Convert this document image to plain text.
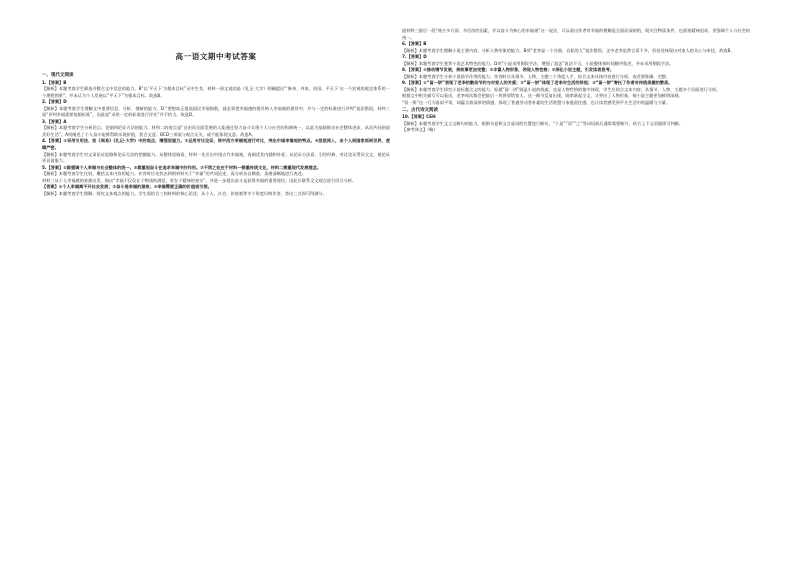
高一语文期中考试答案

一、现代文阅读

1.【答案】B

【解析】本题考查学生筛选并整合文中信息的能力。B“以‘平天下’为根本目标”无中生有，材料一原文说的是《礼记·大学》明确提出“‘修身、齐家、治国、平天下’这一个宏观的观念体系的一个理想图景”，并未认为个人发展以“平天下”为根本目标。故选B。

2.【答案】D

【解析】本题考查学生理解文中重要信息、分析、推断的能力。D.“要想真正提高国民幸福指数，就必须把幸福感的提升纳入幸福观的建设中，并与一定的标准进行评判”说法错误，材料三说“评判幸福需要依据标准”，因此说“采用一定的标准进行评比”并不恰当。故选D。

3.【答案】A

【解析】本题考查学生分析论点、论据和论证方法的能力。材料二的观点是“自由而全面发展的人能通过努力奋斗实现个人与社会的和谐统一，以此为基础推动社会整体进步，从而共同创造美好生活”。A项阐述了个人奋斗能够帮助实现价值，契合文意。BCD三项或与观点无关，或不能体现文意。故选A。

4.【答案】①采用引用法，如《周易》《礼记·大学》中的观点，增强说服力。②运用对比论证，将中西方幸福观进行对比，突出中国幸福观的特点。③层层深入，由个人到国家再到世界，逻辑严密。

【解析】本题考查学生对文章论证思路和论证方法的把握能力。从整体思路看，材料一先引出中国古代幸福观，再阐述其内涵和外延；从论证方法看，引用经典、对比论证贯穿全文，使论证更具说服力。

5.【答案】①都强调个人幸福与社会整体的统一。②都重视奋斗在追求幸福中的作用。③不同之处在于材料一侧重传统文化，材料二侧重现代发展理念。

【解析】本题考查学生比较、概括文本内容的能力。作答时应先找出两则材料关于“幸福”的共同论述，再分析各自侧重，条理清晰地进行表述。

材料三从个人幸福感的来源出发，指出“幸福不仅仅在于物质的满足，更在于精神的充实”，并进一步提出奋斗是获得幸福的重要途径。因此应联系全文观点进行综合分析。

【答案】①个人幸福离不开社会发展；②奋斗是幸福的源泉；③幸福需要正确的价值观引领。

【解析】本题考查学生理解、探究文本观点的能力。学生需结合三则材料的核心论述，从个人、社会、价值观等多个角度归纳作答，答出三点即可得满分。

提材料三最后一段“统合多方面、多层次的因素，并以奋斗为核心的幸福观”这一说法，可以看出作者对幸福的理解是全面而深刻的，既关注物质条件，也重视精神追求，更强调个人与社会的统一。

6.【答案】B

【解析】本题考查学生理解小说主要内容、分析人物形象的能力。B项“老李是一个冷漠、自私的人”说法错误，文中老李虽然言语不多，但处处体现出对家人的关心与牵挂，故选B。

7.【答案】D

【解析】本题考查学生鉴赏小说艺术特色的能力。D项“小说采用倒叙手法，增强了悬念”说法不当，小说整体按时间顺序叙述，并未采用倒叙手法。

8.【答案】①推动情节发展，使故事更加完整；②丰富人物形象，表现人物性格；③深化小说主题，引发读者思考。

【解析】本题考查学生分析小说情节作用的能力。作答时应从情节、人物、主题三个角度入手，结合文本具体内容进行分析，表述要准确、完整。

9.【答案】①“留一饼”表现了老李的勤俭节约与对家人的关爱；②“留一饼”体现了老李对生活的珍视；③“留一饼”寄托了作者对传统美德的赞美。

【解析】本题考查学生探究小说标题含义的能力。标题“留一饼”既是小说的线索，也是人物性格的集中体现，学生应结合文本内容，从情节、人物、主题多个层面进行分析。

根据文中相关描写可以看出，老李每次都会把最后一块饼留给家人，这一细节反复出现，既串联起全文，又突出了人物形象，使小说主题更加鲜明深刻。

“留一饼”这一行为看似平常，却蕴含着深厚的情感，体现了普通劳动者朴素的生活智慧与家庭责任感，也让读者感受到平凡生活中的温暖与力量。

二、古代诗文阅读

10.【答案】CEH

【解析】本题考查学生文言文断句的能力。根据句意和文言虚词的位置进行断句，“于是”“而”“之”等词语前后通常需要断开，结合上下文语境即可判断。

【参考译文】（略）
